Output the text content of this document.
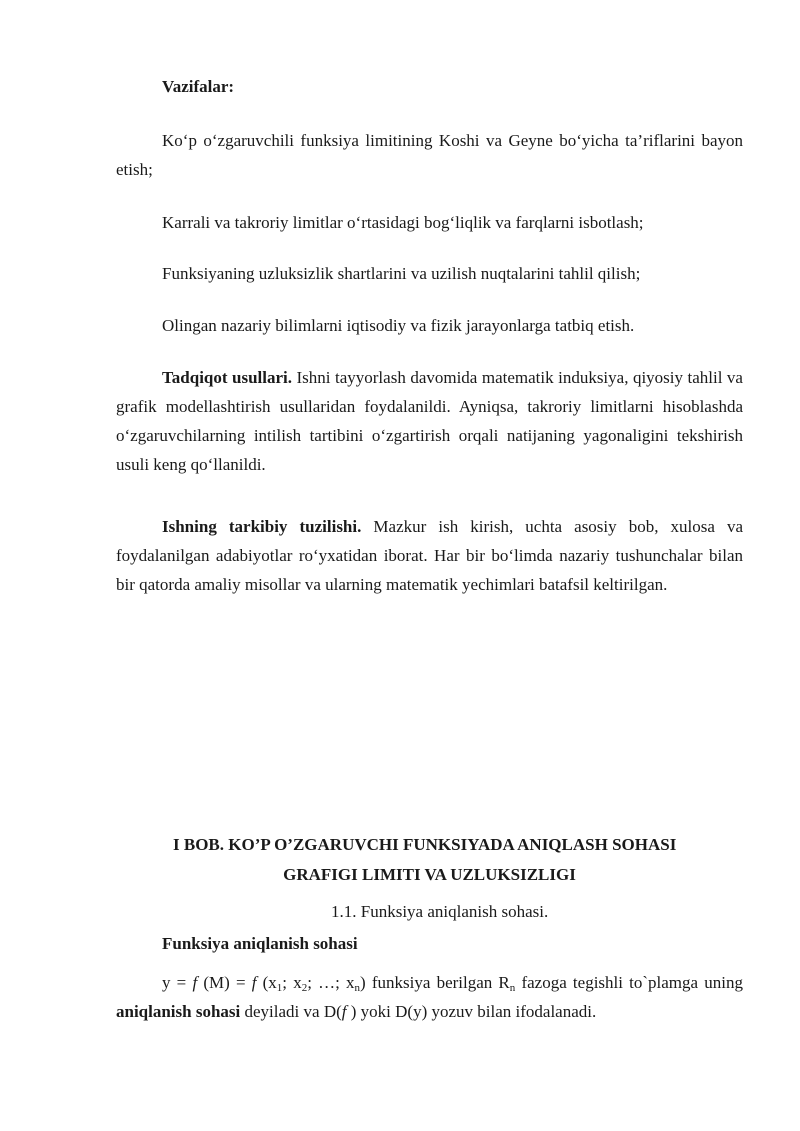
Vazifalar:

Ko‘p o‘zgaruvchili funksiya limitining Koshi va Geyne bo‘yicha ta’riflarini bayon etish;

Karrali va takroriy limitlar o‘rtasidagi bog‘liqlik va farqlarni isbotlash;

Funksiyaning uzluksizlik shartlarini va uzilish nuqtalarini tahlil qilish;

Olingan nazariy bilimlarni iqtisodiy va fizik jarayonlarga tatbiq etish.

Tadqiqot usullari. Ishni tayyorlash davomida matematik induksiya, qiyosiy tahlil va grafik modellashtirish usullaridan foydalanildi. Ayniqsa, takroriy limitlarni hisoblashda o‘zgaruvchilarning intilish tartibini o‘zgartirish orqali natijaning yagonaligini tekshirish usuli keng qo‘llanildi.

Ishning tarkibiy tuzilishi. Mazkur ish kirish, uchta asosiy bob, xulosa va foydalanilgan adabiyotlar ro‘yxatidan iborat. Har bir bo‘limda nazariy tushunchalar bilan bir qatorda amaliy misollar va ularning matematik yechimlari batafsil keltirilgan.

I BOB. KO’P O’ZGARUVCHI FUNKSIYADA ANIQLASH SOHASI

GRAFIGI LIMITI VA UZLUKSIZLIGI

1.1. Funksiya aniqlanish sohasi.

Funksiya aniqlanish sohasi

y = f (M) = f ($x_1$; $x_2$; …; $x_n$) funksiya berilgan $R_n$ fazoga tegishli to`plamga uning aniqlanish sohasi deyiladi va D(f ) yoki D(y) yozuv bilan ifodalanadi.
